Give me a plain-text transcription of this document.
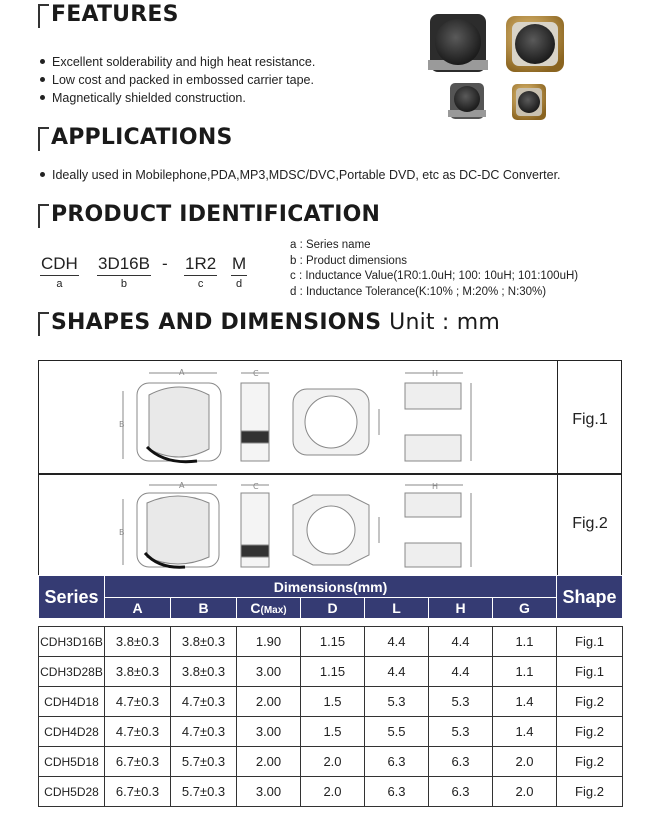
FEATURES
Excellent solderability and high heat resistance.
Low cost and packed in embossed carrier tape.
Magnetically shielded construction.
APPLICATIONS
Ideally used in Mobilephone,PDA,MP3,MDSC/DVC,Portable DVD, etc as DC-DC Converter.
PRODUCT IDENTIFICATION
CDH
a
3D16B
b
- 1R2
c
M
d
a : Series name
b : Product dimensions
c : Inductance Value(1R0:1.0uH; 100: 10uH; 101:100uH)
d : Inductance Tolerance(K:10% ; M:20% ; N:30%)
SHAPES AND DIMENSIONS Unit : mm
A
B
C	H
Fig.1
A
B
C	H
Fig.2
Series	Dimensions(mm)							Shape
	A	B	C(Max)	D	L	H	G	

CDH3D16B	3.8±0.3	3.8±0.3	1.90	1.15	4.4	4.4	1.1	Fig.1
CDH3D28B	3.8±0.3	3.8±0.3	3.00	1.15	4.4	4.4	1.1	Fig.1
CDH4D18	4.7±0.3	4.7±0.3	2.00	1.5	5.3	5.3	1.4	Fig.2
CDH4D28	4.7±0.3	4.7±0.3	3.00	1.5	5.5	5.3	1.4	Fig.2
CDH5D18	6.7±0.3	5.7±0.3	2.00	2.0	6.3	6.3	2.0	Fig.2
CDH5D28	6.7±0.3	5.7±0.3	3.00	2.0	6.3	6.3	2.0	Fig.2
